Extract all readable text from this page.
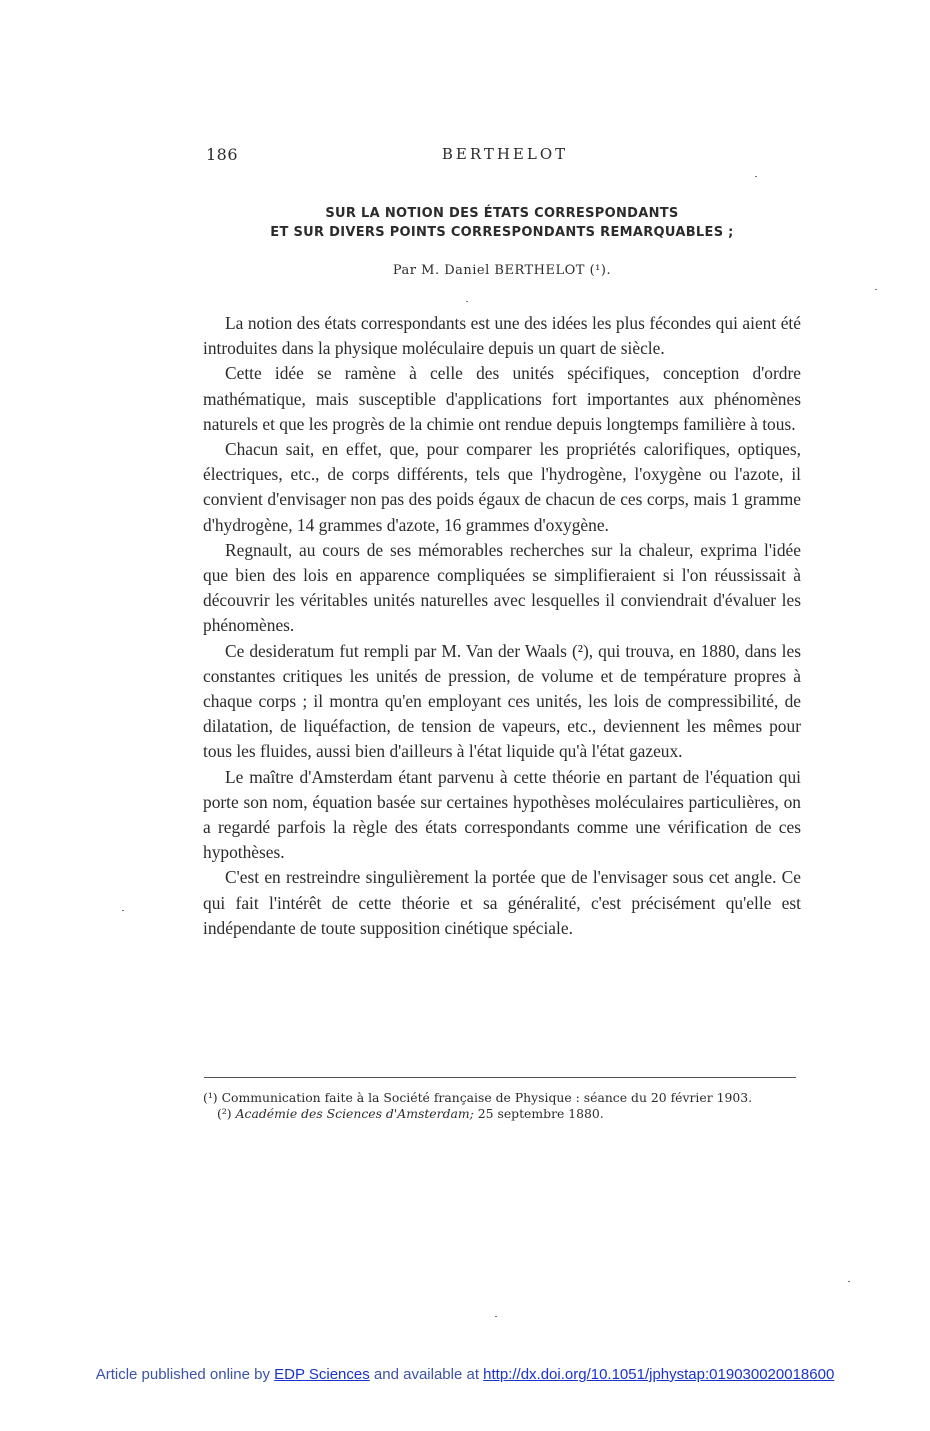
186	BERTHELOT
SUR LA NOTION DES ÉTATS CORRESPONDANTS
ET SUR DIVERS POINTS CORRESPONDANTS REMARQUABLES ;
Par M. Daniel BERTHELOT (¹).

La notion des états correspondants est une des idées les plus fécondes qui aient été introduites dans la physique moléculaire depuis un quart de siècle.

Cette idée se ramène à celle des unités spécifiques, conception d'ordre mathématique, mais susceptible d'applications fort importantes aux phénomènes naturels et que les progrès de la chimie ont rendue depuis longtemps familière à tous.

Chacun sait, en effet, que, pour comparer les propriétés calorifiques, optiques, électriques, etc., de corps différents, tels que l'hydrogène, l'oxygène ou l'azote, il convient d'envisager non pas des poids égaux de chacun de ces corps, mais 1 gramme d'hydrogène, 14 grammes d'azote, 16 grammes d'oxygène.

Regnault, au cours de ses mémorables recherches sur la chaleur, exprima l'idée que bien des lois en apparence compliquées se simplifieraient si l'on réussissait à découvrir les véritables unités naturelles avec lesquelles il conviendrait d'évaluer les phénomènes.

Ce desideratum fut rempli par M. Van der Waals (²), qui trouva, en 1880, dans les constantes critiques les unités de pression, de volume et de température propres à chaque corps ; il montra qu'en employant ces unités, les lois de compressibilité, de dilatation, de liquéfaction, de tension de vapeurs, etc., deviennent les mêmes pour tous les fluides, aussi bien d'ailleurs à l'état liquide qu'à l'état gazeux.

Le maître d'Amsterdam étant parvenu à cette théorie en partant de l'équation qui porte son nom, équation basée sur certaines hypothèses moléculaires particulières, on a regardé parfois la règle des états correspondants comme une vérification de ces hypothèses.

C'est en restreindre singulièrement la portée que de l'envisager sous cet angle. Ce qui fait l'intérêt de cette théorie et sa généralité, c'est précisément qu'elle est indépendante de toute supposition cinétique spéciale.

(¹) Communication faite à la Société française de Physique : séance du 20 février 1903.

(²) Académie des Sciences d'Amsterdam; 25 septembre 1880.

Article published online by EDP Sciences and available at http://dx.doi.org/10.1051/jphystap:019030020018600
